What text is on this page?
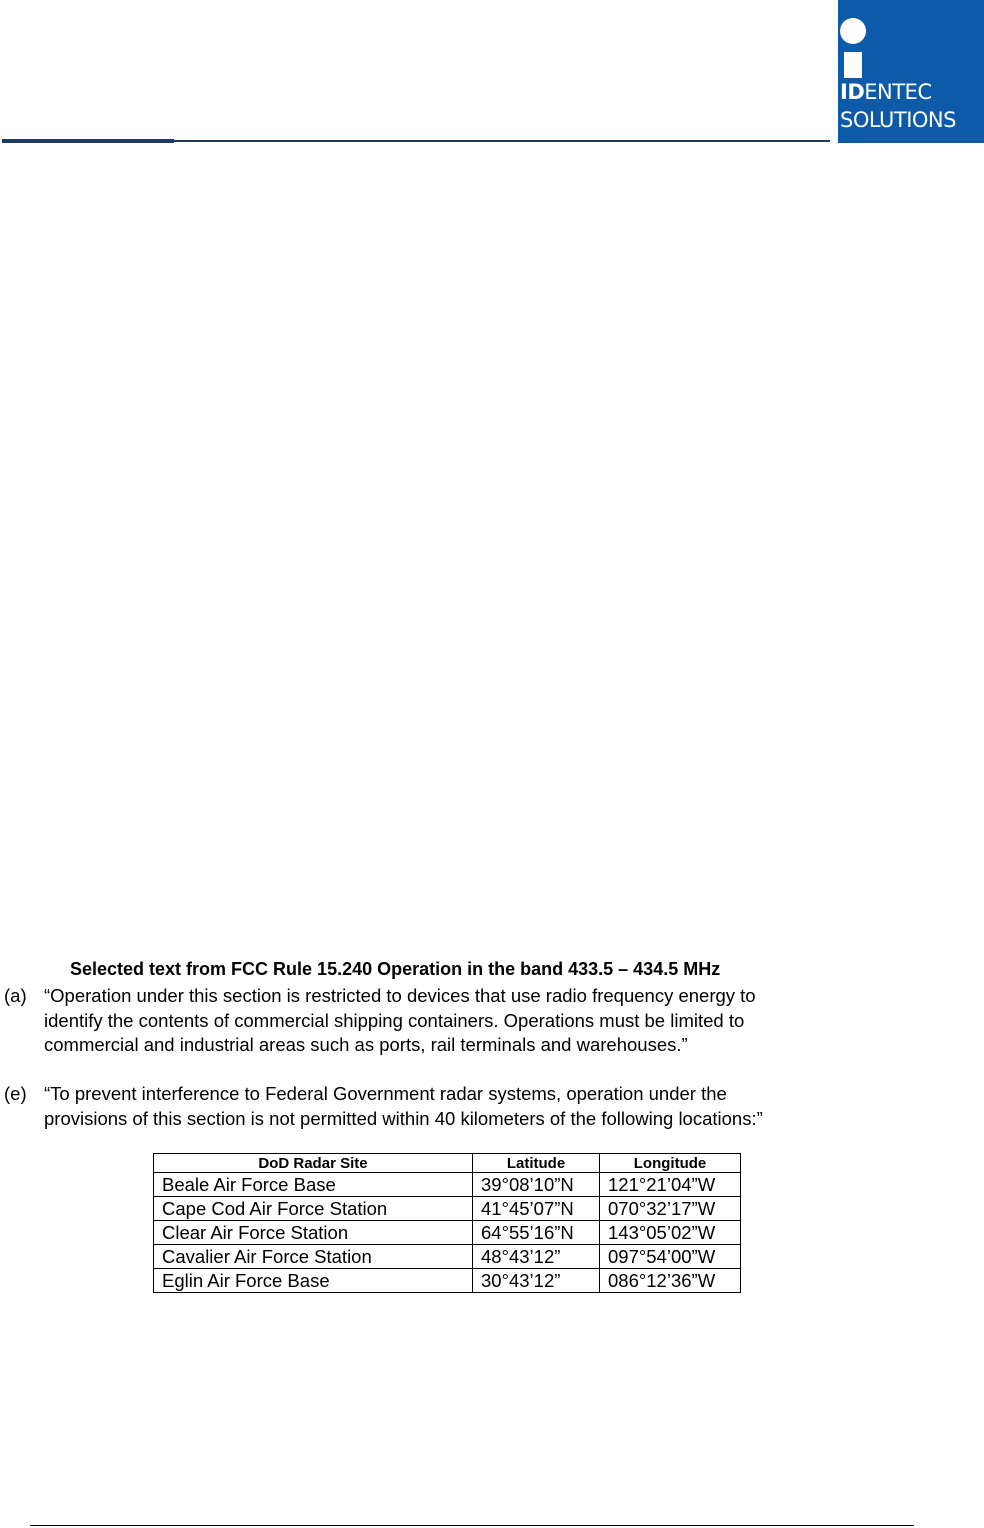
IDENTEC
SOLUTIONS
Selected text from FCC Rule 15.240 Operation in the band 433.5 – 434.5 MHz
(a) “Operation under this section is restricted to devices that use radio frequency energy to
identify the contents of commercial shipping containers. Operations must be limited to
commercial and industrial areas such as ports, rail terminals and warehouses.”
(e) “To prevent interference to Federal Government radar systems, operation under the
provisions of this section is not permitted within 40 kilometers of the following locations:”
DoD Radar Site	Latitude	Longitude
Beale Air Force Base	39°08’10”N	121°21’04”W
Cape Cod Air Force Station	41°45’07”N	070°32’17”W
Clear Air Force Station	64°55’16”N	143°05’02”W
Cavalier Air Force Station	48°43’12”	097°54’00”W
Eglin Air Force Base	30°43’12”	086°12’36”W
